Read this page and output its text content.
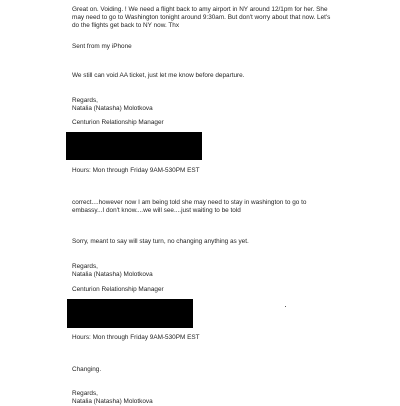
Great on. Voiding. ! We need a flight back to amy airport in NY around 12/1pm for her. She
may need to go to Washington tonight around 9:30am. But don't worry about that now. Let's
do the flights get back to NY now. Thx

Sent from my iPhone

We still can void AA ticket, just let me know before departure.

Regards,

Natalia (Natasha) Molotkova

Centurion Relationship Manager

Hours: Mon through Friday 9AM-530PM EST

correct....however now I am being told she may need to stay in washington to go to
embassy...I don't know....we will see....just waiting to be told

Sorry, meant to say will stay turn, no changing anything as yet.

Regards,

Natalia (Natasha) Molotkova

Centurion Relationship Manager

Hours: Mon through Friday 9AM-530PM EST

Changing.

Regards,

Natalia (Natasha) Molotkova
